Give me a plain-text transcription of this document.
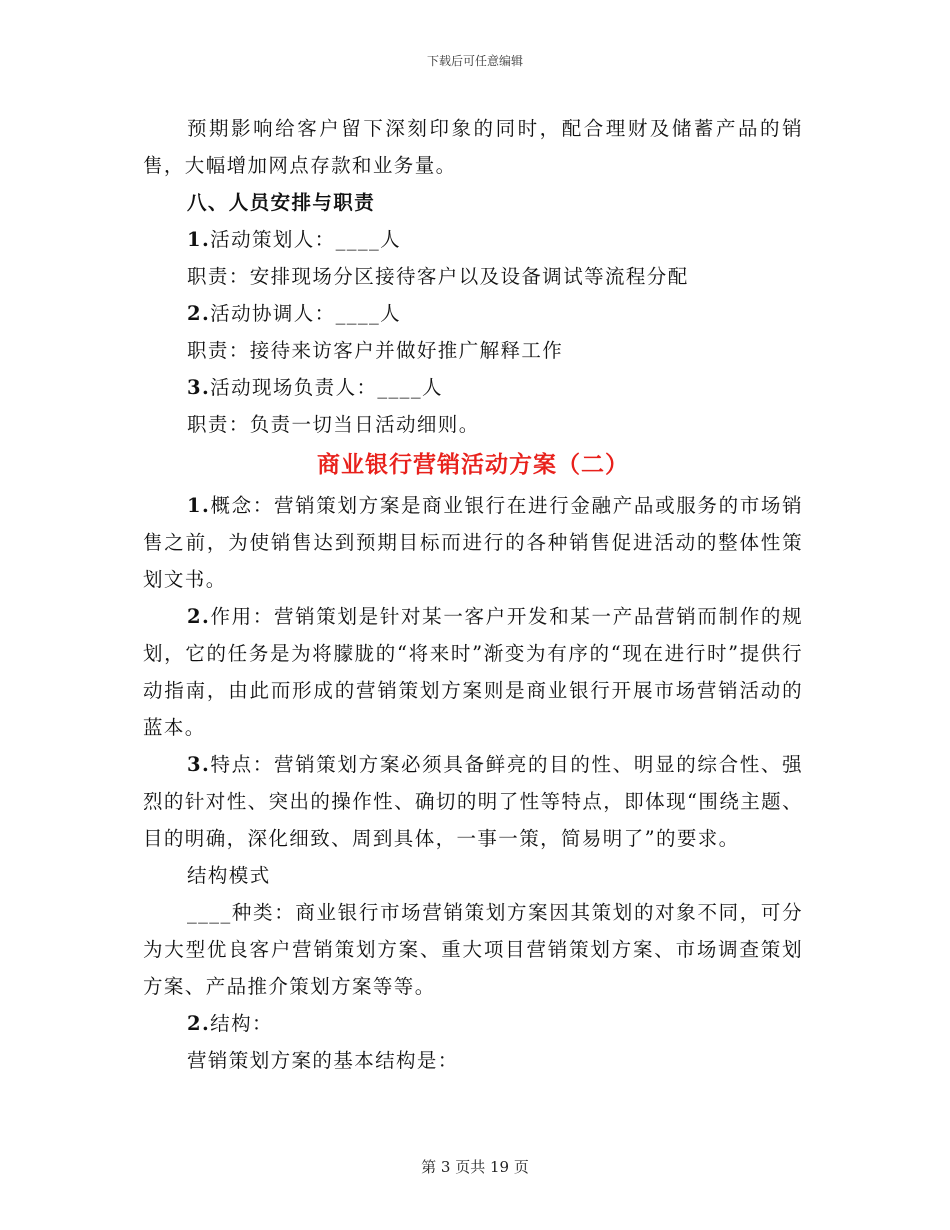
下载后可任意编辑

预期影响给客户留下深刻印象的同时，配合理财及储蓄产品的销售，大幅增加网点存款和业务量。

八、人员安排与职责

1.活动策划人：____人

职责：安排现场分区接待客户以及设备调试等流程分配

2.活动协调人：____人

职责：接待来访客户并做好推广解释工作

3.活动现场负责人：____人

职责：负责一切当日活动细则。

商业银行营销活动方案（二）

1.概念：营销策划方案是商业银行在进行金融产品或服务的市场销售之前，为使销售达到预期目标而进行的各种销售促进活动的整体性策划文书。

2.作用：营销策划是针对某一客户开发和某一产品营销而制作的规划，它的任务是为将朦胧的“将来时”渐变为有序的“现在进行时”提供行动指南，由此而形成的营销策划方案则是商业银行开展市场营销活动的蓝本。

3.特点：营销策划方案必须具备鲜亮的目的性、明显的综合性、强烈的针对性、突出的操作性、确切的明了性等特点，即体现“围绕主题、目的明确，深化细致、周到具体，一事一策，简易明了”的要求。

结构模式

____种类：商业银行市场营销策划方案因其策划的对象不同，可分为大型优良客户营销策划方案、重大项目营销策划方案、市场调查策划方案、产品推介策划方案等等。

2.结构：

营销策划方案的基本结构是：

第 3 页共 19 页
